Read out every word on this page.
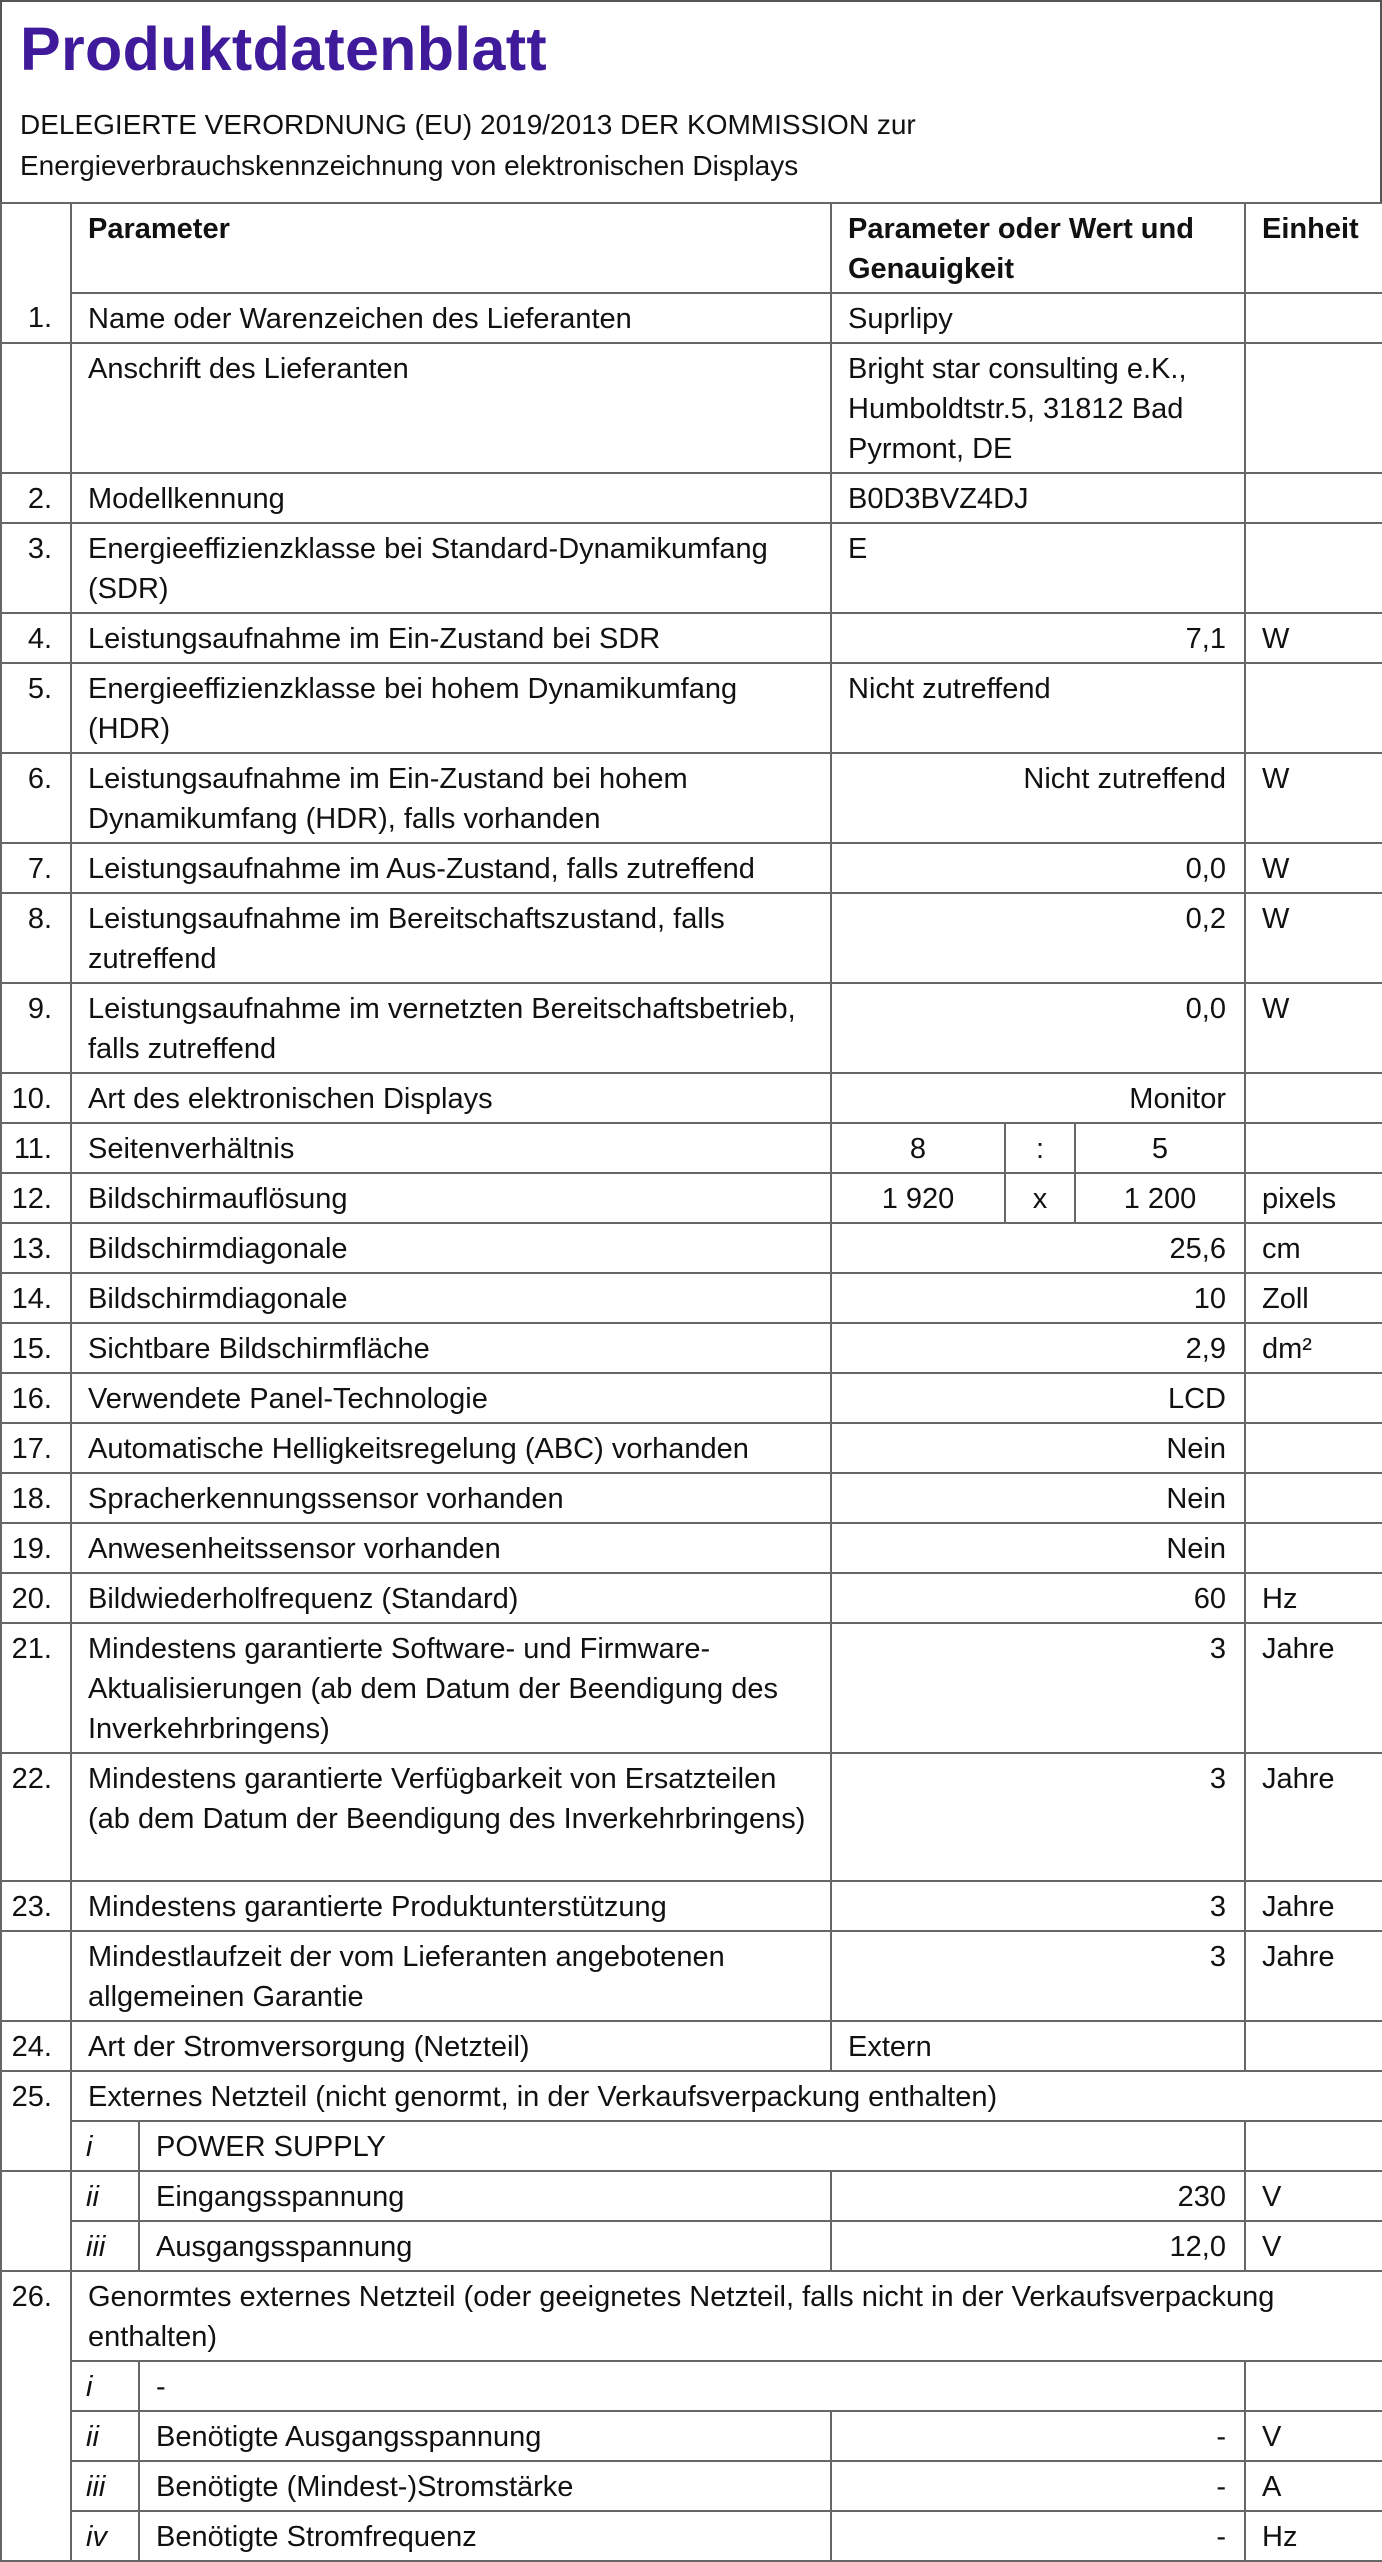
Produktdatenblatt
DELEGIERTE VERORDNUNG (EU) 2019/2013 DER KOMMISSION zur
Energieverbrauchskennzeichnung von elektronischen Displays
	Parameter		Parameter oder Wert und Genauigkeit			Einheit
1.	Name oder Warenzeichen des Lieferanten		Suprlipy			
	Anschrift des Lieferanten		Bright star consulting e.K., Humboldtstr.5, 31812 Bad Pyrmont, DE			
2.	Modellkennung		B0D3BVZ4DJ			
3.	Energieeffizienzklasse bei Standard-Dynamikumfang (SDR)		E			
4.	Leistungsaufnahme im Ein-Zustand bei SDR		7,1			W
5.	Energieeffizienzklasse bei hohem Dynamikumfang (HDR)		Nicht zutreffend			
6.	Leistungsaufnahme im Ein-Zustand bei hohem Dynamikumfang (HDR), falls vorhanden		Nicht zutreffend			W
7.	Leistungsaufnahme im Aus-Zustand, falls zutreffend		0,0			W
8.	Leistungsaufnahme im Bereitschaftszustand, falls zutreffend		0,2			W
9.	Leistungsaufnahme im vernetzten Bereitschaftsbetrieb, falls zutreffend		0,0			W
10.	Art des elektronischen Displays		Monitor			
11.	Seitenverhältnis		8	:	5	
12.	Bildschirmauflösung		1 920	x	1 200	pixels
13.	Bildschirmdiagonale		25,6			cm
14.	Bildschirmdiagonale		10			Zoll
15.	Sichtbare Bildschirmfläche		2,9			dm²
16.	Verwendete Panel-Technologie		LCD			
17.	Automatische Helligkeitsregelung (ABC) vorhanden		Nein			
18.	Spracherkennungssensor vorhanden		Nein			
19.	Anwesenheitssensor vorhanden		Nein			
20.	Bildwiederholfrequenz (Standard)		60			Hz
21.	Mindestens garantierte Software- und Firmware-Aktualisierungen (ab dem Datum der Beendigung des Inverkehrbringens)		3			Jahre
22.	Mindestens garantierte Verfügbarkeit von Ersatzteilen (ab dem Datum der Beendigung des Inverkehrbringens)		3			Jahre
23.	Mindestens garantierte Produktunterstützung		3			Jahre
	Mindestlaufzeit der vom Lieferanten angebotenen allgemeinen Garantie		3			Jahre
24.	Art der Stromversorgung (Netzteil)		Extern			
25.	Externes Netzteil (nicht genormt, in der Verkaufsverpackung enthalten)					
	i	POWER SUPPLY				
	ii	Eingangsspannung	230			V
	iii	Ausgangsspannung	12,0			V
26.	Genormtes externes Netzteil (oder geeignetes Netzteil, falls nicht in der Verkaufsverpackung enthalten)					
	i	-				
	ii	Benötigte Ausgangsspannung	-			V
	iii	Benötigte (Mindest-)Stromstärke	-			A
	iv	Benötigte Stromfrequenz	-			Hz
